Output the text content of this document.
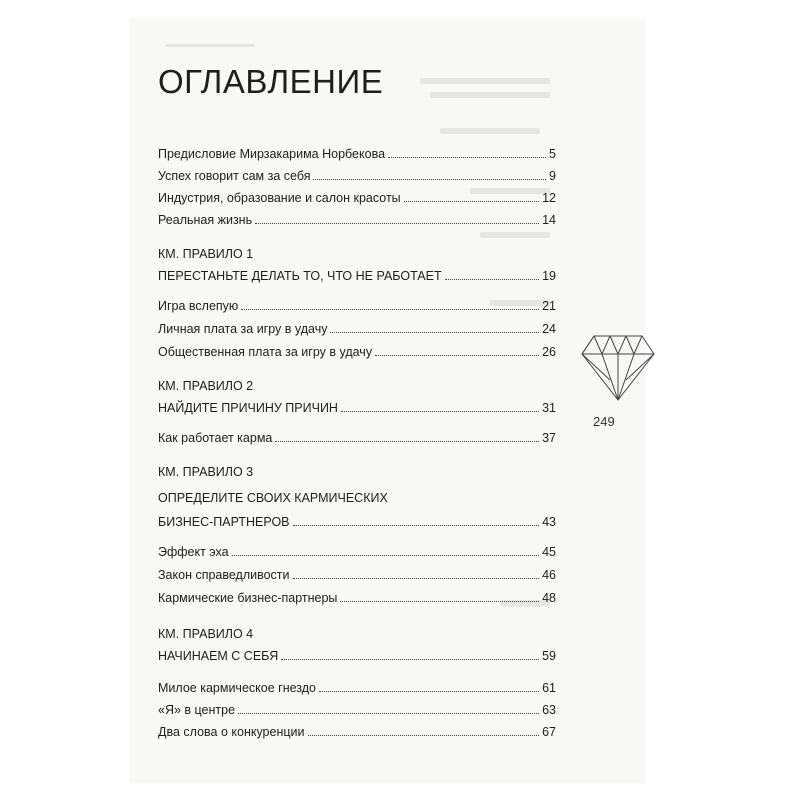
ОГЛАВЛЕНИЕ
Предисловие Мирзакарима Норбекова	5
Успех говорит сам за себя	9
Индустрия, образование и салон красоты	12
Реальная жизнь	14
КМ. ПРАВИЛО 1
ПЕРЕСТАНЬТЕ ДЕЛАТЬ ТО, ЧТО НЕ РАБОТАЕТ	19
Игра вслепую	21
Личная плата за игру в удачу	24
Общественная плата за игру в удачу	26
КМ. ПРАВИЛО 2
НАЙДИТЕ ПРИЧИНУ ПРИЧИН	31
Как работает карма	37
КМ. ПРАВИЛО 3
ОПРЕДЕЛИТЕ СВОИХ КАРМИЧЕСКИХ
БИЗНЕС-ПАРТНЕРОВ	43
Эффект эха	45
Закон справедливости	46
Кармические бизнес-партнеры	48
КМ. ПРАВИЛО 4
НАЧИНАЕМ С СЕБЯ	59
Милое кармическое гнездо	61
«Я» в центре	63
Два слова о конкуренции	67
249
